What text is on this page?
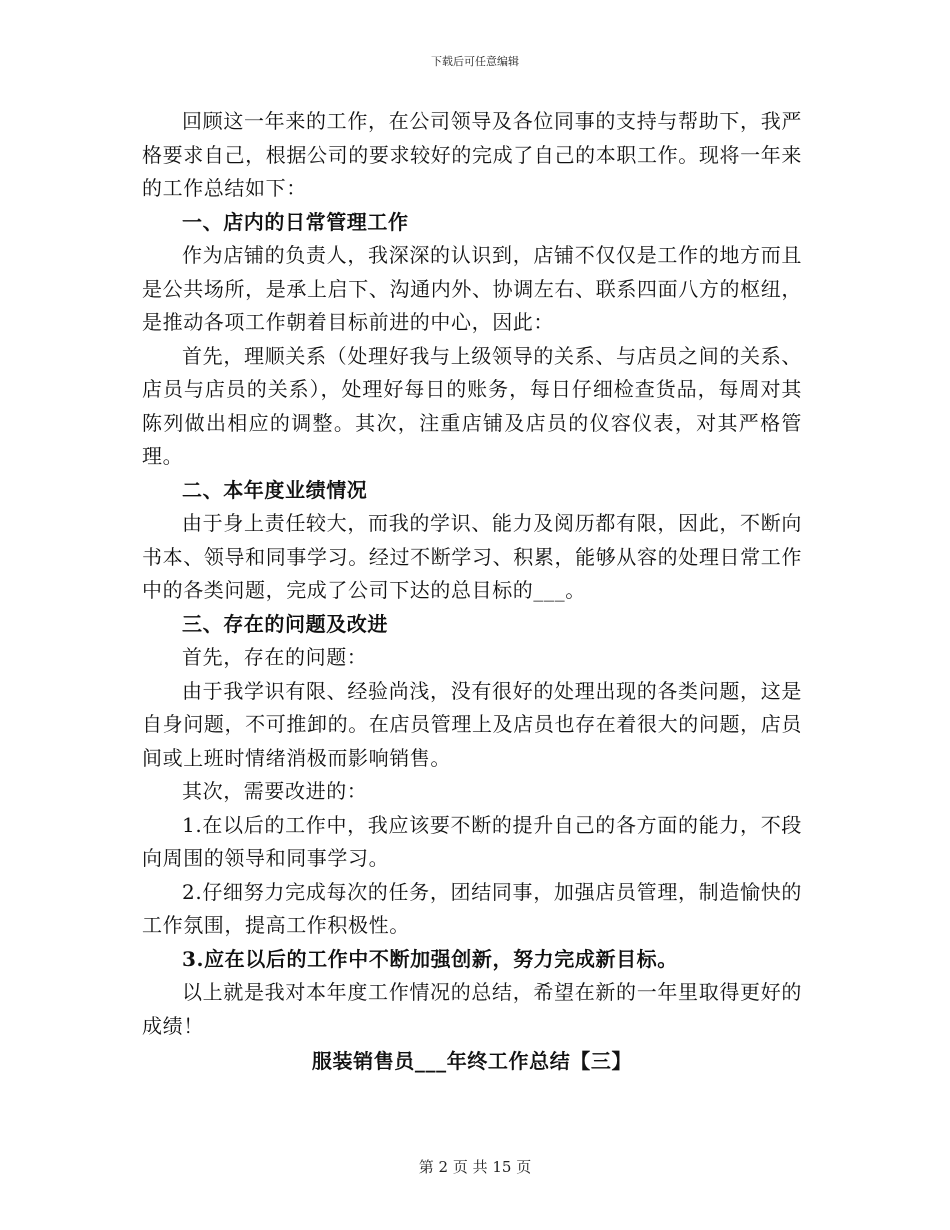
下载后可任意编辑

回顾这一年来的工作，在公司领导及各位同事的支持与帮助下，我严格要求自己，根据公司的要求较好的完成了自己的本职工作。现将一年来的工作总结如下：

一、店内的日常管理工作

作为店铺的负责人，我深深的认识到，店铺不仅仅是工作的地方而且是公共场所，是承上启下、沟通内外、协调左右、联系四面八方的枢纽，是推动各项工作朝着目标前进的中心，因此：

首先，理顺关系（处理好我与上级领导的关系、与店员之间的关系、店员与店员的关系），处理好每日的账务，每日仔细检查货品，每周对其陈列做出相应的调整。其次，注重店铺及店员的仪容仪表，对其严格管理。

二、本年度业绩情况

由于身上责任较大，而我的学识、能力及阅历都有限，因此，不断向书本、领导和同事学习。经过不断学习、积累，能够从容的处理日常工作中的各类问题，完成了公司下达的总目标的___。

三、存在的问题及改进

首先，存在的问题：

由于我学识有限、经验尚浅，没有很好的处理出现的各类问题，这是自身问题，不可推卸的。在店员管理上及店员也存在着很大的问题，店员间或上班时情绪消极而影响销售。

其次，需要改进的：

1.在以后的工作中，我应该要不断的提升自己的各方面的能力，不段向周围的领导和同事学习。

2.仔细努力完成每次的任务，团结同事，加强店员管理，制造愉快的工作氛围，提高工作积极性。

3.应在以后的工作中不断加强创新，努力完成新目标。

以上就是我对本年度工作情况的总结，希望在新的一年里取得更好的成绩！

服装销售员___年终工作总结【三】

第 2 页 共 15 页
